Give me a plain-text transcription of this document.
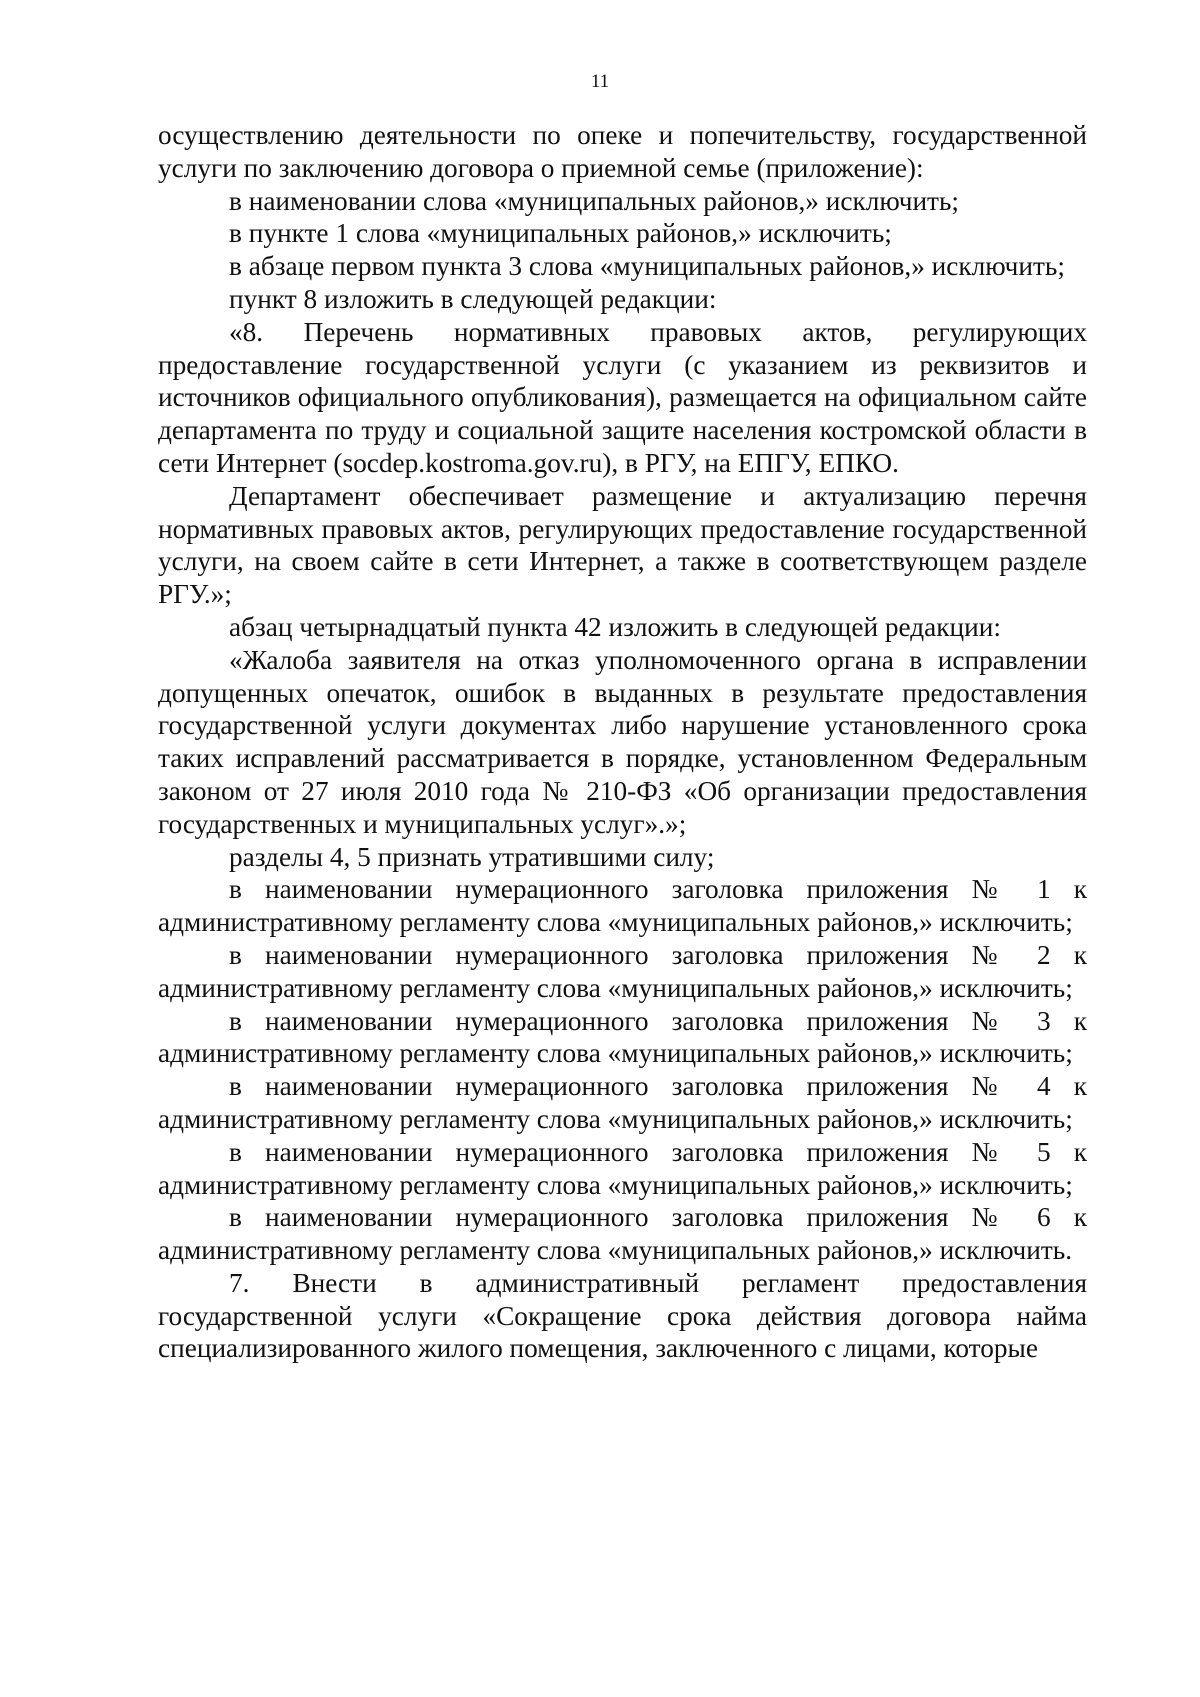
11

осуществлению деятельности по опеке и попечительству, государственной услуги по заключению договора о приемной семье (приложение):

в наименовании слова «муниципальных районов,» исключить;

в пункте 1 слова «муниципальных районов,» исключить;

в абзаце первом пункта 3 слова «муниципальных районов,» исключить;

пункт 8 изложить в следующей редакции:

«8. Перечень нормативных правовых актов, регулирующих предоставление государственной услуги (с указанием из реквизитов и источников официального опубликования), размещается на официальном сайте департамента по труду и социальной защите населения костромской области в сети Интернет (socdep.kostroma.gov.ru), в РГУ, на ЕПГУ, ЕПКО.

Департамент обеспечивает размещение и актуализацию перечня нормативных правовых актов, регулирующих предоставление государственной услуги, на своем сайте в сети Интернет, а также в соответствующем разделе РГУ.»;

абзац четырнадцатый пункта 42 изложить в следующей редакции:

«Жалоба заявителя на отказ уполномоченного органа в исправлении допущенных опечаток, ошибок в выданных в результате предоставления государственной услуги документах либо нарушение установленного срока таких исправлений рассматривается в порядке, установленном Федеральным законом от 27 июля 2010 года № 210-ФЗ «Об организации предоставления государственных и муниципальных услуг».»;

разделы 4, 5 признать утратившими силу;

в наименовании нумерационного заголовка приложения № 1 к административному регламенту слова «муниципальных районов,» исключить;

в наименовании нумерационного заголовка приложения № 2 к административному регламенту слова «муниципальных районов,» исключить;

в наименовании нумерационного заголовка приложения № 3 к административному регламенту слова «муниципальных районов,» исключить;

в наименовании нумерационного заголовка приложения № 4 к административному регламенту слова «муниципальных районов,» исключить;

в наименовании нумерационного заголовка приложения № 5 к административному регламенту слова «муниципальных районов,» исключить;

в наименовании нумерационного заголовка приложения № 6 к административному регламенту слова «муниципальных районов,» исключить.

7. Внести в административный регламент предоставления государственной услуги «Сокращение срока действия договора найма специализированного жилого помещения, заключенного с лицами, которые
